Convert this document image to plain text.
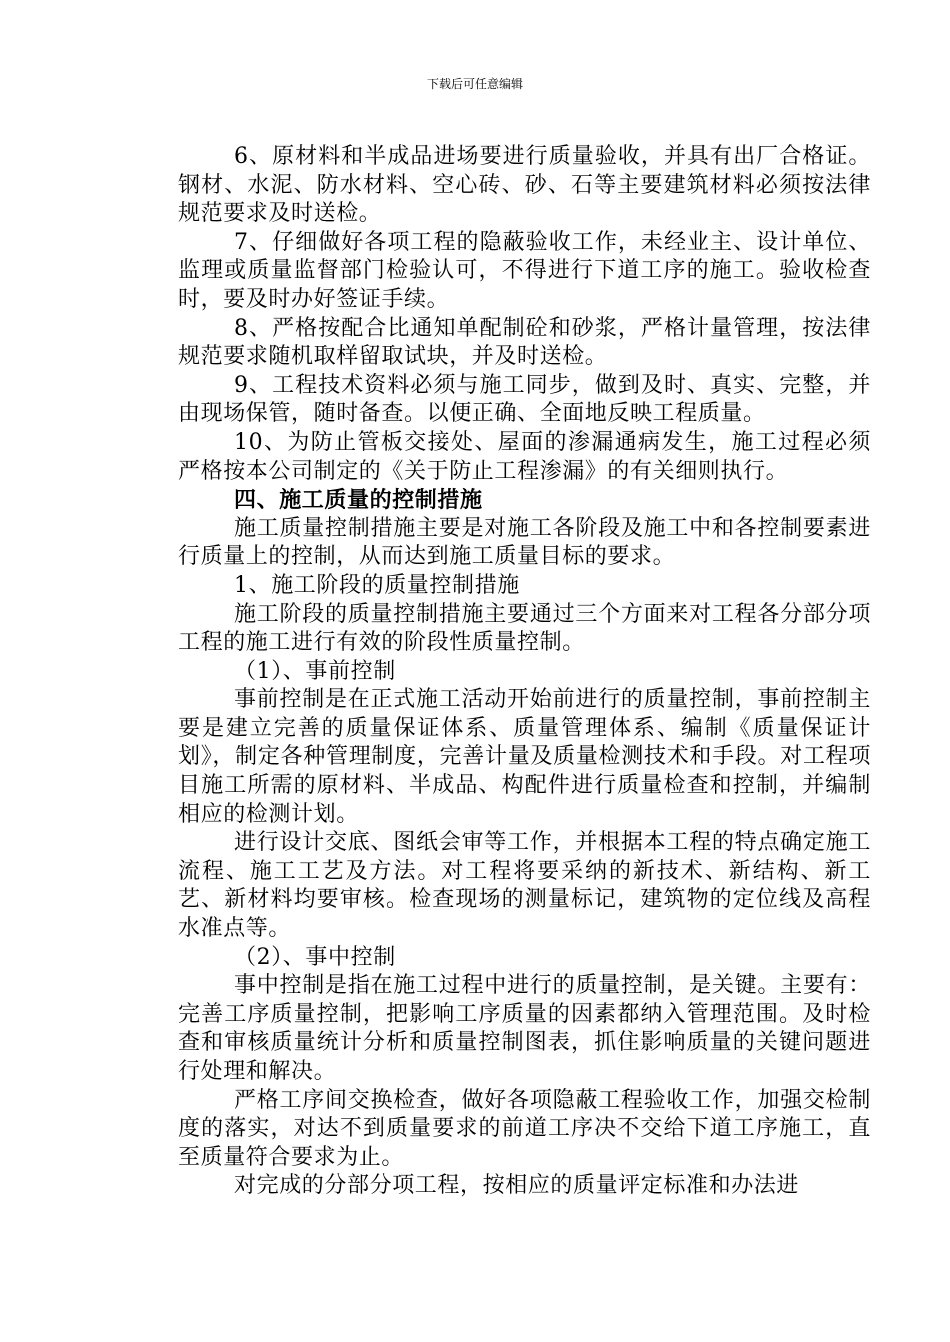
下载后可任意编辑

6、原材料和半成品进场要进行质量验收，并具有出厂合格证。钢材、水泥、防水材料、空心砖、砂、石等主要建筑材料必须按法律规范要求及时送检。

7、仔细做好各项工程的隐蔽验收工作，未经业主、设计单位、监理或质量监督部门检验认可，不得进行下道工序的施工。验收检查时，要及时办好签证手续。

8、严格按配合比通知单配制砼和砂浆，严格计量管理，按法律规范要求随机取样留取试块，并及时送检。

9、工程技术资料必须与施工同步，做到及时、真实、完整，并由现场保管，随时备查。以便正确、全面地反映工程质量。

10、为防止管板交接处、屋面的渗漏通病发生，施工过程必须严格按本公司制定的《关于防止工程渗漏》的有关细则执行。

四、施工质量的控制措施

施工质量控制措施主要是对施工各阶段及施工中和各控制要素进行质量上的控制，从而达到施工质量目标的要求。

1、施工阶段的质量控制措施

施工阶段的质量控制措施主要通过三个方面来对工程各分部分项工程的施工进行有效的阶段性质量控制。

（1）、事前控制

事前控制是在正式施工活动开始前进行的质量控制，事前控制主要是建立完善的质量保证体系、质量管理体系、编制《质量保证计划》，制定各种管理制度，完善计量及质量检测技术和手段。对工程项目施工所需的原材料、半成品、构配件进行质量检查和控制，并编制相应的检测计划。

进行设计交底、图纸会审等工作，并根据本工程的特点确定施工流程、施工工艺及方法。对工程将要采纳的新技术、新结构、新工艺、新材料均要审核。检查现场的测量标记，建筑物的定位线及高程水准点等。

（2）、事中控制

事中控制是指在施工过程中进行的质量控制，是关键。主要有：完善工序质量控制，把影响工序质量的因素都纳入管理范围。及时检查和审核质量统计分析和质量控制图表，抓住影响质量的关键问题进行处理和解决。

严格工序间交换检查，做好各项隐蔽工程验收工作，加强交检制度的落实，对达不到质量要求的前道工序决不交给下道工序施工，直至质量符合要求为止。

对完成的分部分项工程，按相应的质量评定标准和办法进
